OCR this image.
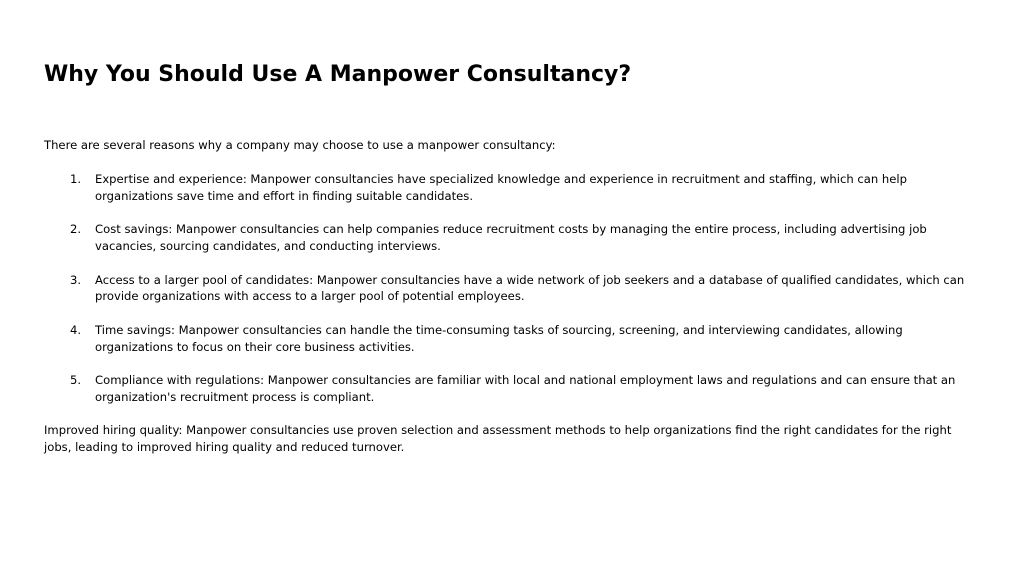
Why You Should Use A Manpower Consultancy?

There are several reasons why a company may choose to use a manpower consultancy:

1. Expertise and experience: Manpower consultancies have specialized knowledge and experience in recruitment and staffing, which can help organizations save time and effort in finding suitable candidates.
2. Cost savings: Manpower consultancies can help companies reduce recruitment costs by managing the entire process, including advertising job vacancies, sourcing candidates, and conducting interviews.
3. Access to a larger pool of candidates: Manpower consultancies have a wide network of job seekers and a database of qualified candidates, which can provide organizations with access to a larger pool of potential employees.
4. Time savings: Manpower consultancies can handle the time-consuming tasks of sourcing, screening, and interviewing candidates, allowing organizations to focus on their core business activities.
5. Compliance with regulations: Manpower consultancies are familiar with local and national employment laws and regulations and can ensure that an organization's recruitment process is compliant.

Improved hiring quality: Manpower consultancies use proven selection and assessment methods to help organizations find the right candidates for the right jobs, leading to improved hiring quality and reduced turnover.
